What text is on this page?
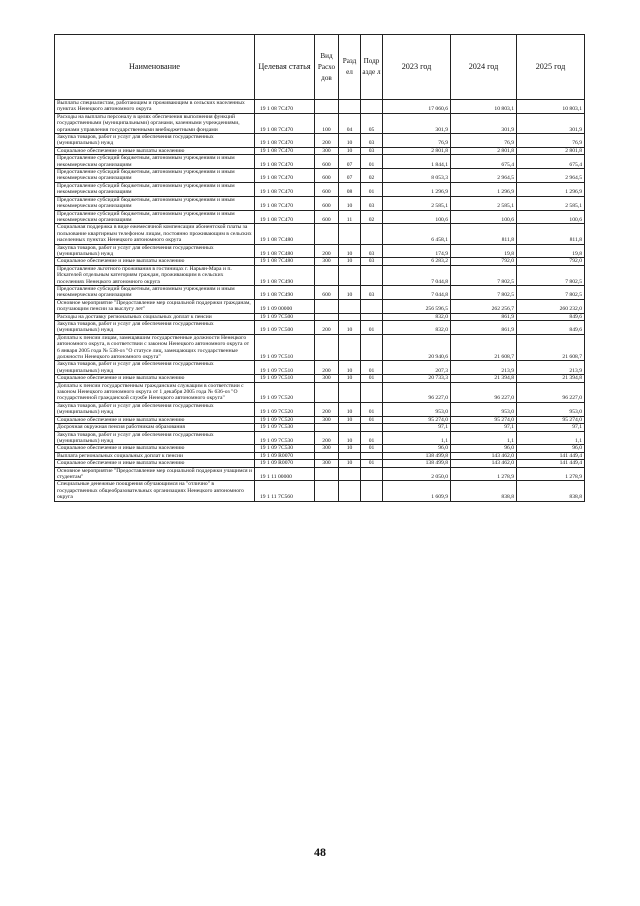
Наименование	Целевая статья	Вид Расхо дов	Разд ел	Подр азде л	2023 год	2024 год	2025 год
Выплаты специалистам, работающим и проживающим в сельских населенных пунктах Ненецкого автономного округа	19 1 08 7С470				17 060,6	10 803,1	10 803,1
Расходы на выплаты персоналу в целях обеспечения выполнения функций государственными (муниципальными) органами, казенными учреждениями, органами управления государственными внебюджетными фондами	19 1 08 7С470	100	04	05	301,9	301,9	301,9
Закупка товаров, работ и услуг для обеспечения государственных (муниципальных) нужд	19 1 08 7С470	200	10	03	76,9	76,9	76,9
Социальное обеспечение и иные выплаты населению	19 1 08 7С470	300	10	03	2 801,8	2 801,8	2 801,8
Предоставление субсидий бюджетным, автономным учреждениям и иным некоммерческим организациям	19 1 08 7С470	600	07	01	1 844,1	675,4	675,4
Предоставление субсидий бюджетным, автономным учреждениям и иным некоммерческим организациям	19 1 08 7С470	600	07	02	8 053,3	2 964,5	2 964,5
Предоставление субсидий бюджетным, автономным учреждениям и иным некоммерческим организациям	19 1 08 7С470	600	08	01	1 296,9	1 296,9	1 296,9
Предоставление субсидий бюджетным, автономным учреждениям и иным некоммерческим организациям	19 1 08 7С470	600	10	03	2 585,1	2 585,1	2 585,1
Предоставление субсидий бюджетным, автономным учреждениям и иным некоммерческим организациям	19 1 08 7С470	600	11	02	100,6	100,6	100,6
Социальная поддержка в виде ежемесячной компенсации абонентской платы за пользование квартирным телефоном лицам, постоянно проживающим в сельских населенных пунктах Ненецкого автономного округа	19 1 08 7С480				6 458,1	811,8	811,8
Закупка товаров, работ и услуг для обеспечения государственных (муниципальных) нужд	19 1 08 7С480	200	10	03	174,9	19,8	19,8
Социальное обеспечение и иные выплаты населению	19 1 08 7С480	300	10	03	6 283,2	792,0	792,0
Предоставление льготного проживания в гостиницах г. Нарьян-Мара и п. Искателей отдельным категориям граждан, проживающим в сельских поселениях Ненецкого автономного округа	19 1 08 7С490				7 044,8	7 802,5	7 802,5
Предоставление субсидий бюджетным, автономным учреждениям и иным некоммерческим организациям	19 1 08 7С490	600	10	03	7 044,8	7 802,5	7 802,5
Основное мероприятие "Предоставление мер социальной поддержки гражданам, получающим пенсии за выслугу лет"	19 1 09 00000				256 596,5	262 256,7	260 232,0
Расходы на доставку региональных социальных доплат к пенсии	19 1 09 7С500				832,0	861,9	849,6
Закупка товаров, работ и услуг для обеспечения государственных (муниципальных) нужд	19 1 09 7С500	200	10	01	832,0	861,9	849,6
Доплаты к пенсии лицам, замещавшим государственные должности Ненецкого автономного округа, в соответствии с законом Ненецкого автономного округа от 6 января 2005 года № 538-оз "О статусе лиц, замещающих государственные должности Ненецкого автономного округа"	19 1 09 7С510				20 940,6	21 608,7	21 608,7
Закупка товаров, работ и услуг для обеспечения государственных (муниципальных) нужд	19 1 09 7С510	200	10	01	207,3	213,9	213,9
Социальное обеспечение и иные выплаты населению	19 1 09 7С510	300	10	01	20 733,3	21 394,8	21 394,8
Доплаты к пенсии государственным гражданским служащим в соответствии с законом Ненецкого автономного округа от 1 декабря 2005 года № 636-оз "О государственной гражданской службе Ненецкого автономного округа"	19 1 09 7С520				96 227,0	96 227,0	96 227,0
Закупка товаров, работ и услуг для обеспечения государственных (муниципальных) нужд	19 1 09 7С520	200	10	01	953,0	953,0	953,0
Социальное обеспечение и иные выплаты населению	19 1 09 7С520	300	10	01	95 274,0	95 274,0	95 274,0
Досрочная окружная пенсия работникам образования	19 1 09 7С530				97,1	97,1	97,1
Закупка товаров, работ и услуг для обеспечения государственных (муниципальных) нужд	19 1 09 7С530	200	10	01	1,1	1,1	1,1
Социальное обеспечение и иные выплаты населению	19 1 09 7С530	300	10	01	96,0	96,0	96,0
Выплата региональных социальных доплат к пенсии	19 1 09 R0070				138 499,8	143 462,0	141 449,4
Социальное обеспечение и иные выплаты населению	19 1 09 R0070	300	10	01	138 499,8	143 462,0	141 449,4
Основное мероприятие "Предоставление мер социальной поддержки учащимся и студентам"	19 1 11 00000				2 050,0	1 278,9	1 278,9
Специальные денежные поощрения обучающимся на "отлично" в государственных общеобразовательных организациях Ненецкого автономного округа	19 1 11 7С560				1 609,9	838,8	838,8
48
